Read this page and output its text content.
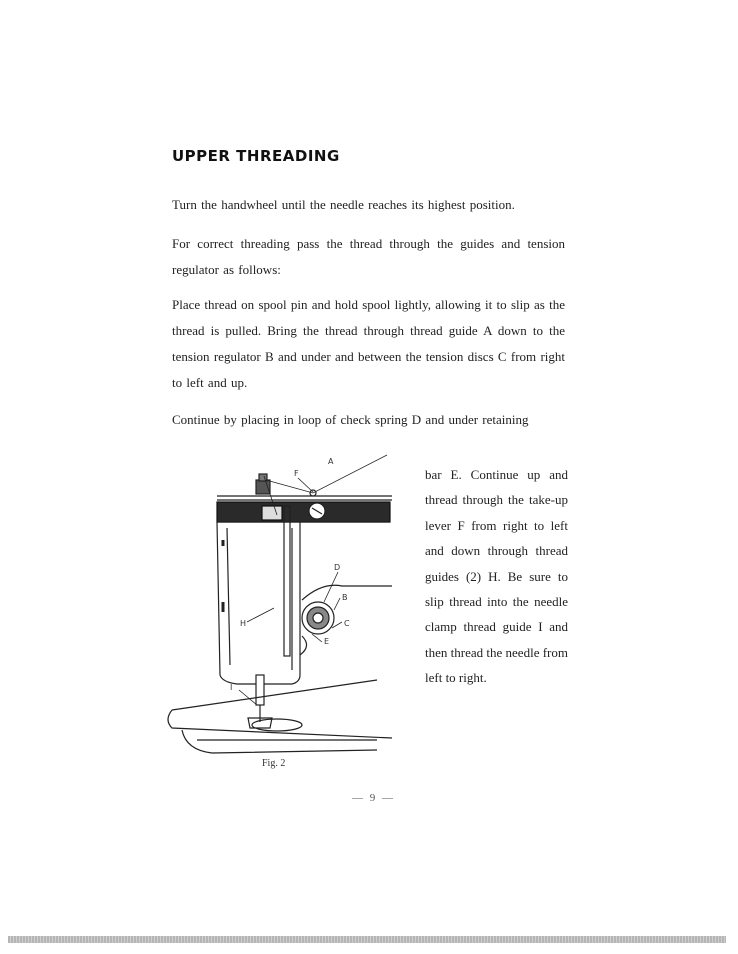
UPPER THREADING
Turn the handwheel until the needle reaches its highest position.
For correct threading pass the thread through the guides and tension regulator as follows:
Place thread on spool pin and hold spool lightly, allowing it to slip as the thread is pulled. Bring the thread through thread guide A down to the tension regulator B and under and between the tension discs C from right to left and up.
Continue by placing in loop of check spring D and under retaining
bar E. Continue up and thread through the take-up lever F from right to left and down through thread guides (2) H. Be sure to slip thread into the needle clamp thread guide I and then thread the needle from left to right.
A
F
D
B
C
E
H
I
Fig. 2
— 9 —
